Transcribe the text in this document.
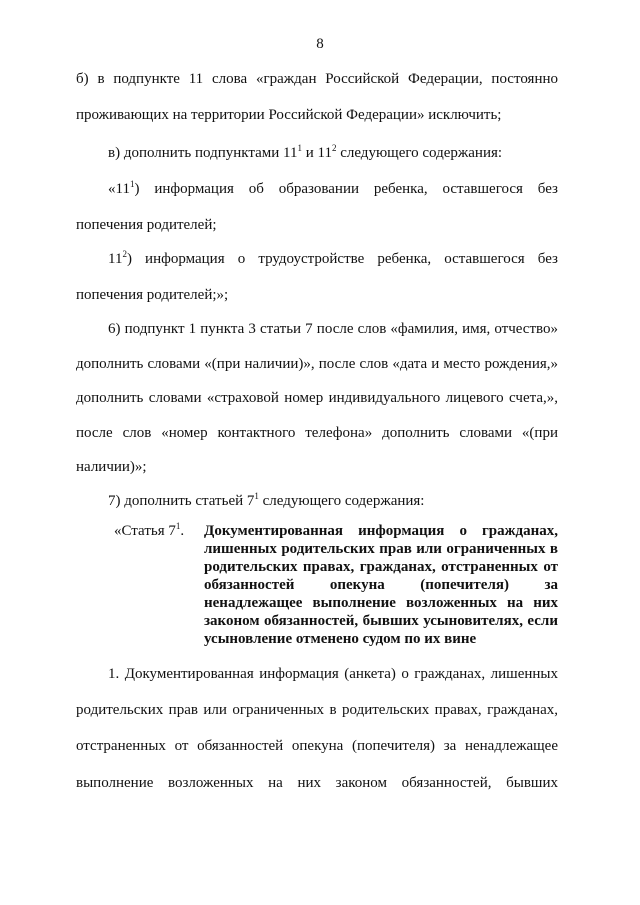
8
б) в подпункте 11 слова «граждан Российской Федерации, постоянно
проживающих на территории Российской Федерации» исключить;
в) дополнить подпунктами $11^1$ и $11^2$ следующего содержания:
«$11^1$) информация об образовании ребенка, оставшегося без
попечения родителей;
$11^2$) информация о трудоустройстве ребенка, оставшегося без
попечения родителей;»;
6) подпункт 1 пункта 3 статьи 7 после слов «фамилия, имя, отчество»
дополнить словами «(при наличии)», после слов «дата и место рождения,»
дополнить словами «страховой номер индивидуального лицевого счета,»,
после слов «номер контактного телефона» дополнить словами «(при
наличии)»;
7) дополнить статьей $7^1$ следующего содержания:
«Статья $7^1$. Документированная информация о гражданах,
лишенных родительских прав или ограниченных в
родительских правах, гражданах, отстраненных от
обязанностей опекуна (попечителя) за
ненадлежащее выполнение возложенных на них
законом обязанностей, бывших усыновителях, если
усыновление отменено судом по их вине
1. Документированная информация (анкета) о гражданах, лишенных
родительских прав или ограниченных в родительских правах, гражданах,
отстраненных от обязанностей опекуна (попечителя) за ненадлежащее
выполнение возложенных на них законом обязанностей, бывших
